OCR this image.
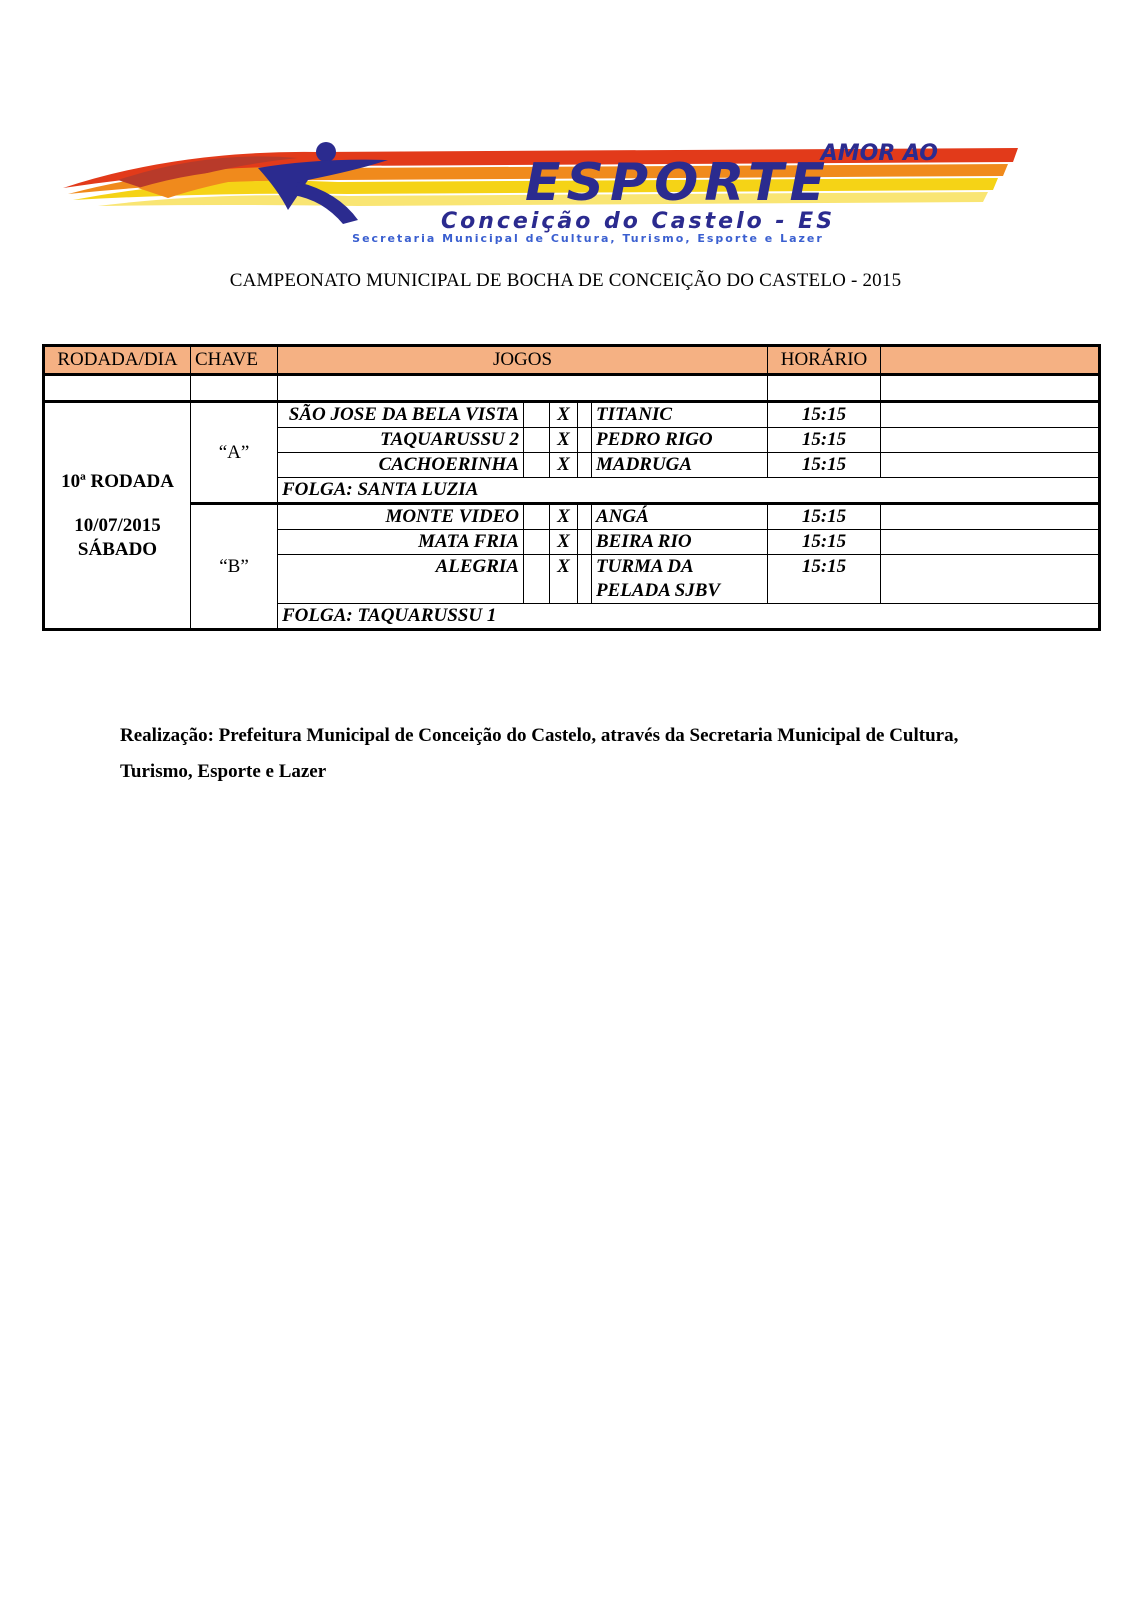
AMOR AO
ESPORTE
Conceição do Castelo - ES
Secretaria Municipal de Cultura, Turismo, Esporte e Lazer
CAMPEONATO MUNICIPAL DE BOCHA DE CONCEIÇÃO DO CASTELO - 2015
RODADA/DIA	CHAVE	JOGOS					HORÁRIO	

10ª RODADA
10/07/2015
SÁBADO	“A”	SÃO JOSE DA BELA VISTA		X		TITANIC	15:15	
		TAQUARUSSU 2		X		PEDRO RIGO	15:15	
		CACHOERINHA		X		MADRUGA	15:15	
		FOLGA: SANTA LUZIA						
	“B”	MONTE VIDEO		X		ANGÁ	15:15	
		MATA FRIA		X		BEIRA RIO	15:15	
		ALEGRIA		X		TURMA DA PELADA SJBV	15:15	
		FOLGA: TAQUARUSSU 1						
Realização: Prefeitura Municipal de Conceição do Castelo, através da Secretaria Municipal de Cultura, Turismo, Esporte e Lazer
